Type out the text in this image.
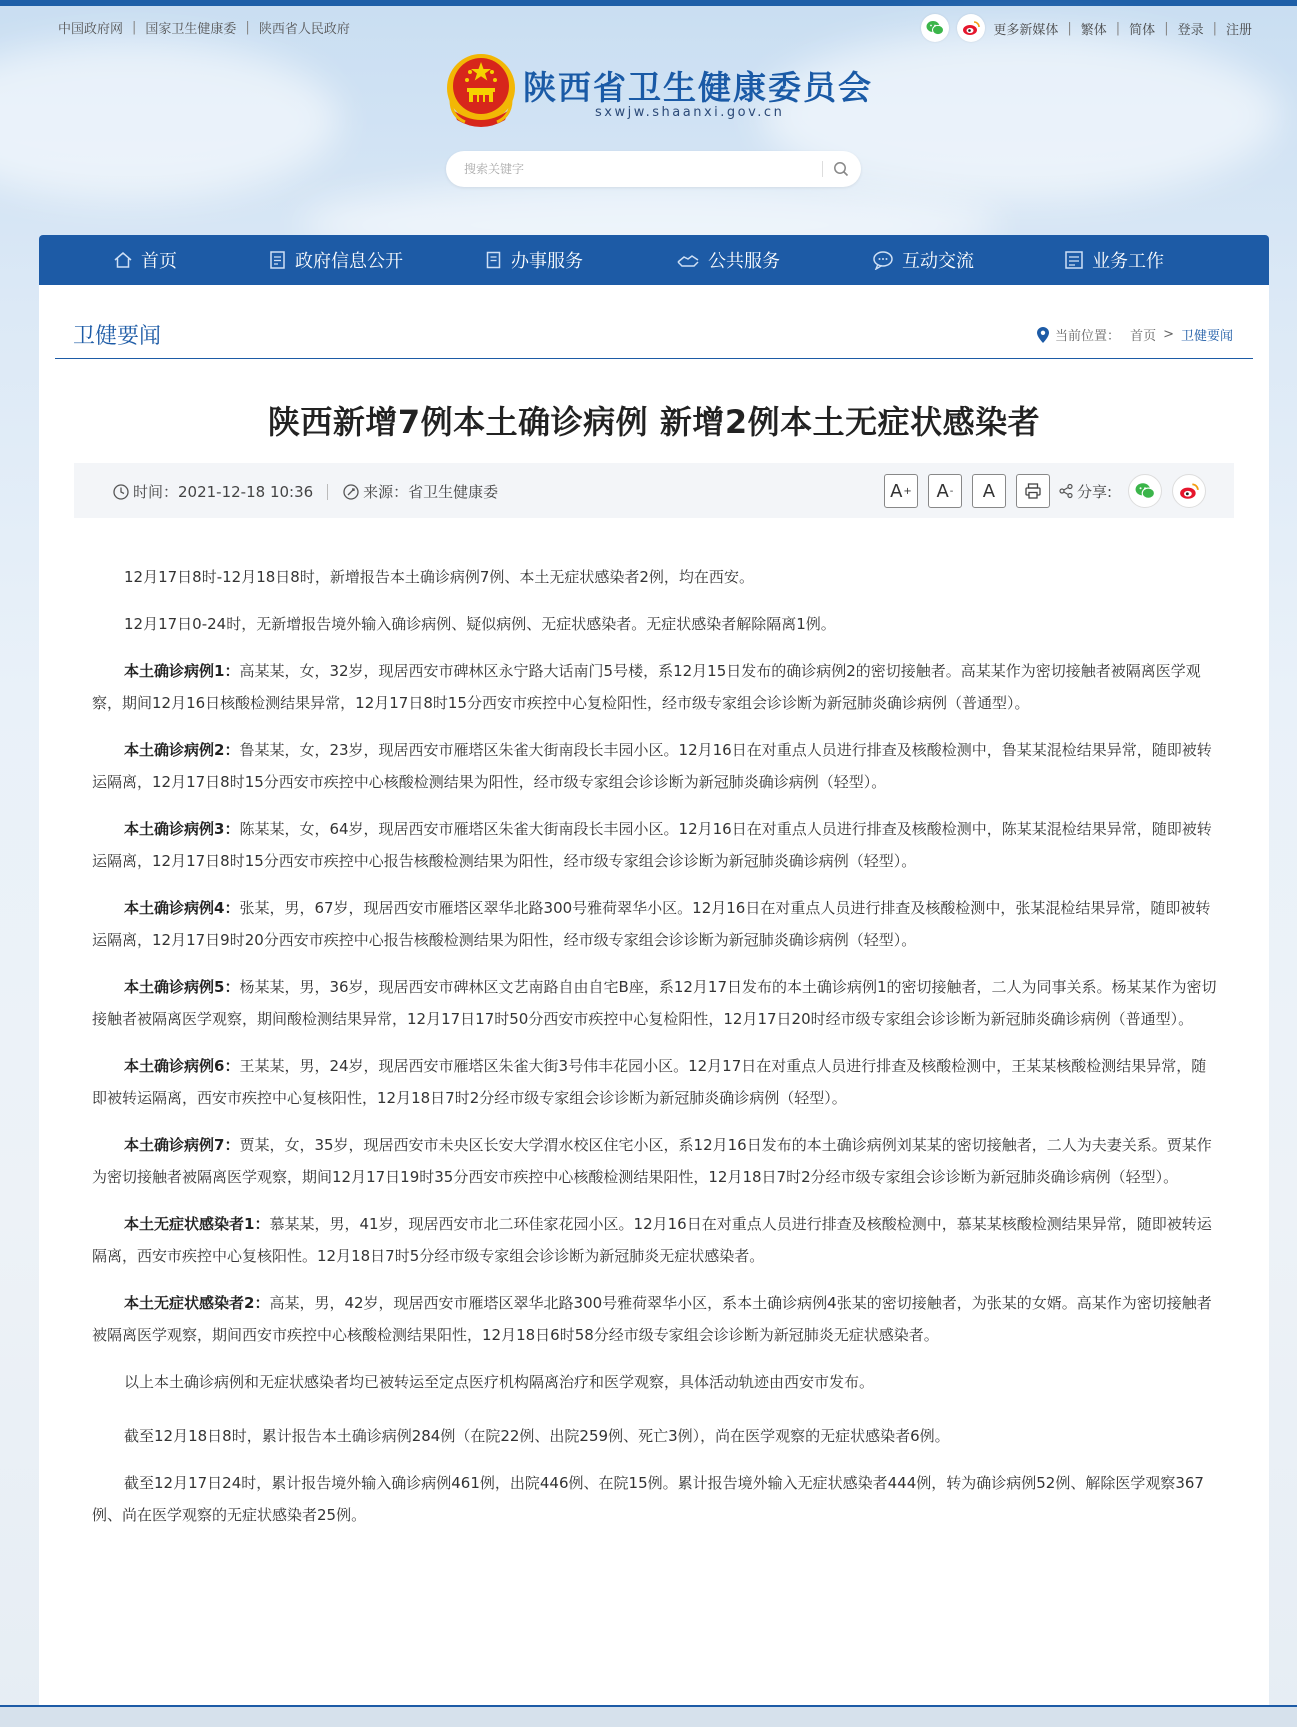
中国政府网 | 国家卫生健康委 | 陕西省人民政府	更多新媒体 | 繁体 | 简体 | 登录 | 注册
陕西省卫生健康委员会
sxwjw.shaanxi.gov.cn
搜索关键字
首页	政府信息公开	办事服务	公共服务	互动交流	业务工作
卫健要闻	当前位置： 首页 > 卫健要闻
陕西新增7例本土确诊病例 新增2例本土无症状感染者
时间：2021-12-18 10:36	来源：省卫生健康委	A + A - A	分享:

12月17日8时-12月18日8时，新增报告本土确诊病例7例、本土无症状感染者2例，均在西安。

12月17日0-24时，无新增报告境外输入确诊病例、疑似病例、无症状感染者。无症状感染者解除隔离1例。

本土确诊病例1：高某某，女，32岁，现居西安市碑林区永宁路大话南门5号楼，系12月15日发布的确诊病例2的密切接触者。高某某作为密切接触者被隔离医学观察，期间12月16日核酸检测结果异常，12月17日8时15分西安市疾控中心复检阳性，经市级专家组会诊诊断为新冠肺炎确诊病例（普通型）。

本土确诊病例2：鲁某某，女，23岁，现居西安市雁塔区朱雀大街南段长丰园小区。12月16日在对重点人员进行排查及核酸检测中，鲁某某混检结果异常，随即被转运隔离，12月17日8时15分西安市疾控中心核酸检测结果为阳性，经市级专家组会诊诊断为新冠肺炎确诊病例（轻型）。

本土确诊病例3：陈某某，女，64岁，现居西安市雁塔区朱雀大街南段长丰园小区。12月16日在对重点人员进行排查及核酸检测中，陈某某混检结果异常，随即被转运隔离，12月17日8时15分西安市疾控中心报告核酸检测结果为阳性，经市级专家组会诊诊断为新冠肺炎确诊病例（轻型）。

本土确诊病例4：张某，男，67岁，现居西安市雁塔区翠华北路300号雅荷翠华小区。12月16日在对重点人员进行排查及核酸检测中，张某混检结果异常，随即被转运隔离，12月17日9时20分西安市疾控中心报告核酸检测结果为阳性，经市级专家组会诊诊断为新冠肺炎确诊病例（轻型）。

本土确诊病例5：杨某某，男，36岁，现居西安市碑林区文艺南路自由自宅B座，系12月17日发布的本土确诊病例1的密切接触者，二人为同事关系。杨某某作为密切接触者被隔离医学观察，期间酸检测结果异常，12月17日17时50分西安市疾控中心复检阳性，12月17日20时经市级专家组会诊诊断为新冠肺炎确诊病例（普通型）。

本土确诊病例6：王某某，男，24岁，现居西安市雁塔区朱雀大街3号伟丰花园小区。12月17日在对重点人员进行排查及核酸检测中，王某某核酸检测结果异常，随即被转运隔离，西安市疾控中心复核阳性，12月18日7时2分经市级专家组会诊诊断为新冠肺炎确诊病例（轻型）。

本土确诊病例7：贾某，女，35岁，现居西安市未央区长安大学渭水校区住宅小区，系12月16日发布的本土确诊病例刘某某的密切接触者，二人为夫妻关系。贾某作为密切接触者被隔离医学观察，期间12月17日19时35分西安市疾控中心核酸检测结果阳性，12月18日7时2分经市级专家组会诊诊断为新冠肺炎确诊病例（轻型）。

本土无症状感染者1：慕某某，男，41岁，现居西安市北二环佳家花园小区。12月16日在对重点人员进行排查及核酸检测中，慕某某核酸检测结果异常，随即被转运隔离，西安市疾控中心复核阳性。12月18日7时5分经市级专家组会诊诊断为新冠肺炎无症状感染者。

本土无症状感染者2：高某，男，42岁，现居西安市雁塔区翠华北路300号雅荷翠华小区，系本土确诊病例4张某的密切接触者，为张某的女婿。高某作为密切接触者被隔离医学观察，期间西安市疾控中心核酸检测结果阳性，12月18日6时58分经市级专家组会诊诊断为新冠肺炎无症状感染者。

以上本土确诊病例和无症状感染者均已被转运至定点医疗机构隔离治疗和医学观察，具体活动轨迹由西安市发布。

截至12月18日8时，累计报告本土确诊病例284例（在院22例、出院259例、死亡3例），尚在医学观察的无症状感染者6例。

截至12月17日24时，累计报告境外输入确诊病例461例，出院446例、在院15例。累计报告境外输入无症状感染者444例，转为确诊病例52例、解除医学观察367例、尚在医学观察的无症状感染者25例。
